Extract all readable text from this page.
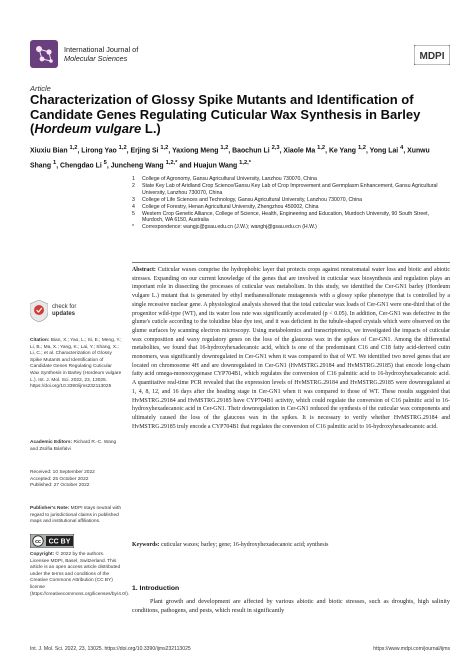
International Journal of
Molecular Sciences	MDPI
Article
Characterization of Glossy Spike Mutants and Identification of Candidate Genes Regulating Cuticular Wax Synthesis in Barley (Hordeum vulgare L.)
Xiuxiu Bian $^{1,2}$, Lirong Yao $^{1,2}$, Erjing Si $^{1,2}$, Yaxiong Meng $^{1,2}$, Baochun Li $^{2,3}$, Xiaole Ma $^{1,2}$, Ke Yang $^{1,2}$, Yong Lai $^4$, Xunwu Shang $^1$, Chengdao Li $^5$, Juncheng Wang $^{1,2,*}$ and Huajun Wang $^{1,2,*}$
1 College of Agronomy, Gansu Agricultural University, Lanzhou 730070, China
2 State Key Lab of Aridland Crop Science/Gansu Key Lab of Crop Improvement and Germplasm Enhancement, Gansu Agricultural University, Lanzhou 730070, China
3 College of Life Sciences and Technology, Gansu Agricultural University, Lanzhou 730070, China
4 College of Forestry, Henan Agricultural University, Zhengzhou 450002, China
5 Western Crop Genetic Alliance, College of Science, Health, Engineering and Education, Murdoch University, 90 South Street, Murdoch, WA 6150, Australia
* Correspondence: wangjc@gsau.edu.cn (J.W.); wanghj@gsau.edu.cn (H.W.)
Abstract: Cuticular waxes comprise the hydrophobic layer that protects crops against nonstomatal water loss and biotic and abiotic stresses. Expanding on our current knowledge of the genes that are involved in cuticular wax biosynthesis and regulation plays an important role in dissecting the processes of cuticular wax metabolism. In this study, we identified the Cer-GN1 barley (Hordeum vulgare L.) mutant that is generated by ethyl methanesulfonate mutagenesis with a glossy spike phenotype that is controlled by a single recessive nuclear gene. A physiological analysis showed that the total cuticular wax loads of Cer-GN1 were one-third that of the progenitor wild-type (WT), and its water loss rate was significantly accelerated (p < 0.05). In addition, Cer-GN1 was defective in the glume's cuticle according to the toluidine blue dye test, and it was deficient in the tubule-shaped crystals which were observed on the glume surfaces by scanning electron microscopy. Using metabolomics and transcriptomics, we investigated the impacts of cuticular wax composition and waxy regulatory genes on the loss of the glaucous wax in the spikes of Cer-GN1. Among the differential metabolites, we found that 16-hydroxyhexadecanoic acid, which is one of the predominant C16 and C18 fatty acid-derived cutin monomers, was significantly downregulated in Cer-GN1 when it was compared to that of WT. We identified two novel genes that are located on chromosome 4H and are downregulated in Cer-GN1 (HvMSTRG.29184 and HvMSTRG.29185) that encode long-chain fatty acid omega-monooxygenase CYP704B1, which regulates the conversion of C16 palmitic acid to 16-hydroxyhexadecanoic acid. A quantitative real-time PCR revealed that the expression levels of HvMSTRG.29184 and HvMSTRG.29185 were downregulated at 1, 4, 8, 12, and 16 days after the heading stage in Cer-GN1 when it was compared to those of WT. These results suggested that HvMSTRG.29184 and HvMSTRG.29185 have CYP704B1 activity, which could regulate the conversion of C16 palmitic acid to 16-hydroxyhexadecanoic acid in Cer-GN1. Their downregulation in Cer-GN1 reduced the synthesis of the cuticular wax components and ultimately caused the loss of the glaucous wax in the spikes. It is necessary to verify whether HvMSTRG.29184 and HvMSTRG.29185 truly encode a CYP704B1 that regulates the conversion of C16 palmitic acid to 16-hydroxyhexadecanoic acid.
Keywords: cuticular waxes; barley; gene; 16-hydroxyhexadecanoic acid; synthesis
1. Introduction
Plant growth and development are affected by various abiotic and biotic stresses, such as droughts, high salinity conditions, pathogens, and pests, which result in significantly
check for
updates
Citation: Bian, X.; Yao, L.; Si, E.; Meng, Y.; Li, B.; Ma, X.; Yang, K.; Lai, Y.; Shang, X.; Li, C.; et al. Characterization of Glossy Spike Mutants and Identification of Candidate Genes Regulating Cuticular Wax Synthesis in Barley (Hordeum vulgare L.). Int. J. Mol. Sci. 2022, 23, 13025. https://doi.org/10.3390/ijms232113025
Academic Editors: Richard R.-C. Wang and Zsófia Bánfalvi
Received: 10 September 2022
Accepted: 25 October 2022
Published: 27 October 2022
Publisher's Note: MDPI stays neutral with regard to jurisdictional claims in published maps and institutional affiliations.
cc CC BY
Copyright: © 2022 by the authors. Licensee MDPI, Basel, Switzerland. This article is an open access article distributed under the terms and conditions of the Creative Commons Attribution (CC BY) license (https://creativecommons.org/licenses/by/4.0/).
Int. J. Mol. Sci. 2022, 23, 13025. https://doi.org/10.3390/ijms232113025	https://www.mdpi.com/journal/ijms
